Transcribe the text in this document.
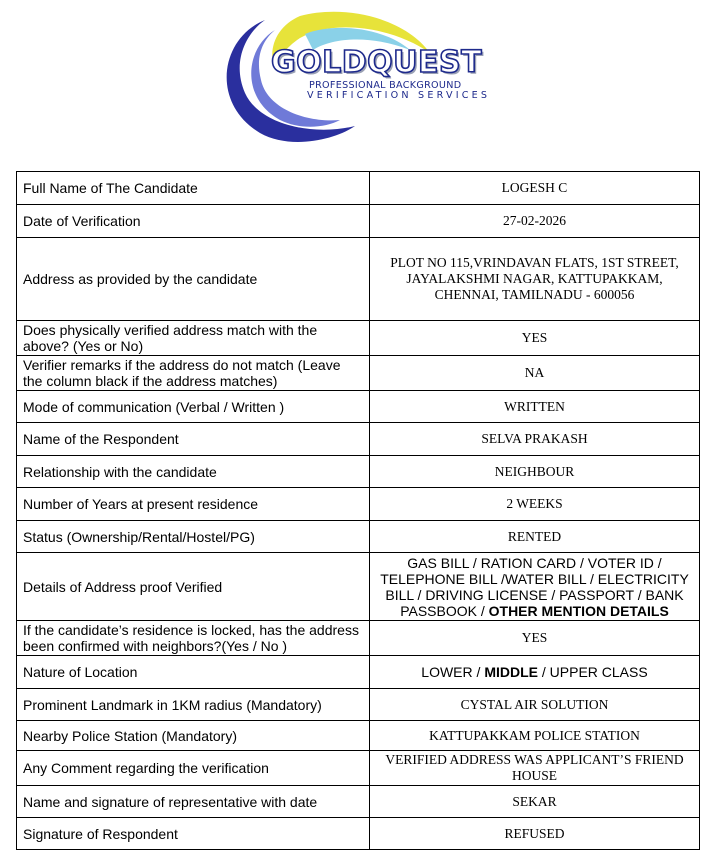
GOLDQUEST
PROFESSIONAL BACKGROUND
VERIFICATION SERVICES
Full Name of The Candidate	LOGESH C
Date of Verification	27-02-2026
Address as provided by the candidate	PLOT NO 115,VRINDAVAN FLATS, 1ST STREET, JAYALAKSHMI NAGAR, KATTUPAKKAM, CHENNAI, TAMILNADU - 600056
Does physically verified address match with the above? (Yes or No)	YES
Verifier remarks if the address do not match (Leave the column black if the address matches)	NA
Mode of communication (Verbal / Written )	WRITTEN
Name of the Respondent	SELVA PRAKASH
Relationship with the candidate	NEIGHBOUR
Number of Years at present residence	2 WEEKS
Status (Ownership/Rental/Hostel/PG)	RENTED
Details of Address proof Verified	GAS BILL / RATION CARD / VOTER ID / TELEPHONE BILL /WATER BILL / ELECTRICITY BILL / DRIVING LICENSE / PASSPORT / BANK PASSBOOK / OTHER MENTION DETAILS
If the candidate’s residence is locked, has the address been confirmed with neighbors?(Yes / No )	YES
Nature of Location	LOWER / MIDDLE / UPPER CLASS
Prominent Landmark in 1KM radius (Mandatory)	CYSTAL AIR SOLUTION
Nearby Police Station (Mandatory)	KATTUPAKKAM POLICE STATION
Any Comment regarding the verification	VERIFIED ADDRESS WAS APPLICANT’S FRIEND HOUSE
Name and signature of representative with date	SEKAR
Signature of Respondent	REFUSED
